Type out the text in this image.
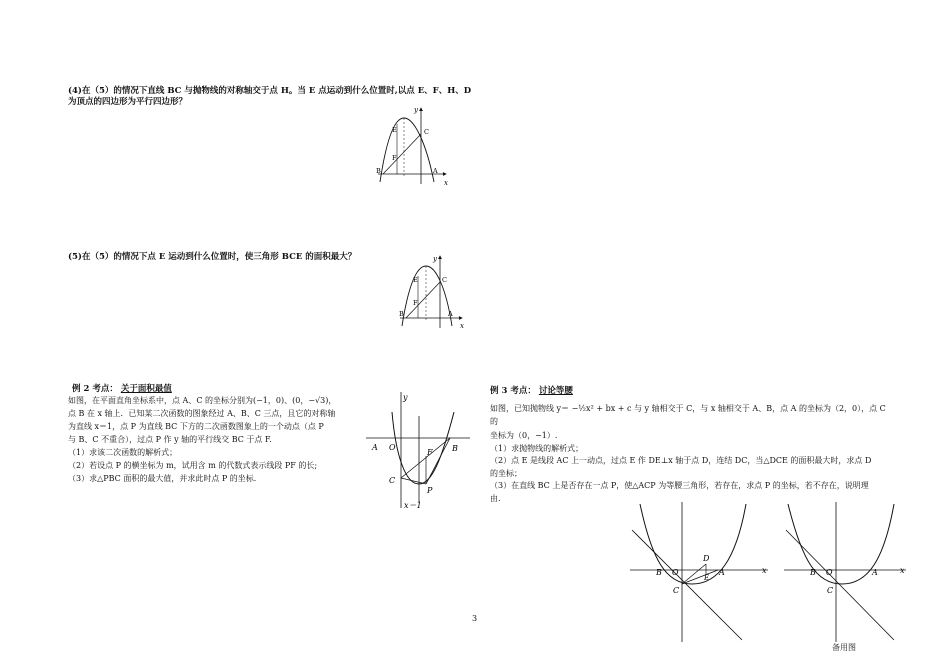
(4)在（5）的情况下直线 BC 与抛物线的对称轴交于点 H。当 E 点运动到什么位置时,以点 E、F、H、D
为顶点的四边形为平行四边形？
y
x
E	C
F
B	A
(5)在（5）的情况下点 E 运动到什么位置时，使三角形 BCE 的面积最大？	y
x
E	C
F
B	A
例 2 考点： 关于面积最值

如图，在平面直角坐标系中，点 A、C 的坐标分别为(−1，0)、(0，−√3)，

点 B 在 x 轴上．已知某二次函数的图象经过 A、B、C 三点，且它的对称轴

为直线 x＝1，点 P 为直线 BC 下方的二次函数图象上的一个动点（点 P

与 B、C 不重合），过点 P 作 y 轴的平行线交 BC 于点 F.

（1）求该二次函数的解析式；

（2）若设点 P 的横坐标为 m，试用含 m 的代数式表示线段 PF 的长;

（3）求△PBC 面积的最大值，并求此时点 P 的坐标.

y
A O	B
F
C
P
x＝1
例 3 考点： 讨论等腰

如图，已知抛物线 y＝ −½x² + bx + c 与 y 轴相交于 C，与 x 轴相交于 A、B，点 A 的坐标为（2，0），点 C 的

坐标为（0，−1）.

（1）求抛物线的解析式；

（2）点 E 是线段 AC 上一动点，过点 E 作 DE⊥x 轴于点 D，连结 DC，当△DCE 的面积最大时，求点 D

的坐标；

（3）在直线 BC 上是否存在一点 P，使△ACP 为等腰三角形，若存在，求点 P 的坐标，若不存在，说明理

由.

D
B O
E
A
C
x	B O	A
C
x
备用图
3
